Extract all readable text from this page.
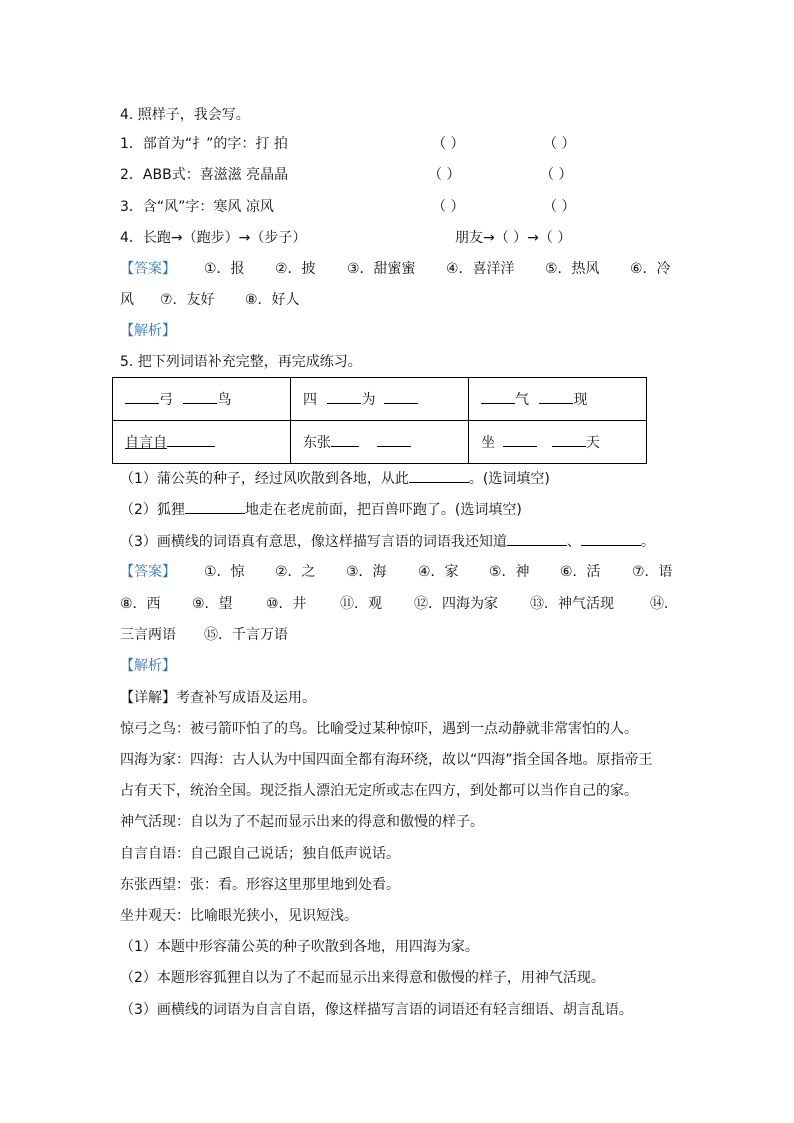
4. 照样子，我会写。
1．部首为“扌”的字：打 拍	（ ）	（ ）
2．ABB式：喜滋滋 亮晶晶	（ ）	（ ）
3．含“风”字：寒风 凉风	（ ）	（ ）
4．长跑→（跑步）→（步子）	朋友→（ ）→（ ）
【答案】 ①．报 ②．披 ③．甜蜜蜜 ④．喜洋洋 ⑤．热风 ⑥．冷
风 ⑦．友好 ⑧．好人
【解析】
5. 把下列词语补充完整，再完成练习。
弓 鸟	四 为	气 现
自言自	东张	坐 天
（1）蒲公英的种子，经过风吹散到各地，从此	。(选词填空)
（2）狐狸	地走在老虎前面，把百兽吓跑了。(选词填空)
（3）画横线的词语真有意思，像这样描写言语的词语我还知道	、	。
【答案】 ①．惊 ②．之 ③．海 ④．家 ⑤．神 ⑥．活 ⑦．语
⑧．西 ⑨．望 ⑩．井 ⑪．观 ⑫．四海为家 ⑬．神气活现	⑭．
三言两语 ⑮．千言万语
【解析】
【详解】考查补写成语及运用。
惊弓之鸟：被弓箭吓怕了的鸟。比喻受过某种惊吓，遇到一点动静就非常害怕的人。
四海为家：四海：古人认为中国四面全都有海环绕，故以“四海”指全国各地。原指帝王
占有天下，统治全国。现泛指人漂泊无定所或志在四方，到处都可以当作自己的家。
神气活现：自以为了不起而显示出来的得意和傲慢的样子。
自言自语：自己跟自己说话；独自低声说话。
东张西望：张：看。形容这里那里地到处看。
坐井观天：比喻眼光狭小，见识短浅。
（1）本题中形容蒲公英的种子吹散到各地，用四海为家。
（2）本题形容狐狸自以为了不起而显示出来得意和傲慢的样子，用神气活现。
（3）画横线的词语为自言自语，像这样描写言语的词语还有轻言细语、胡言乱语。
